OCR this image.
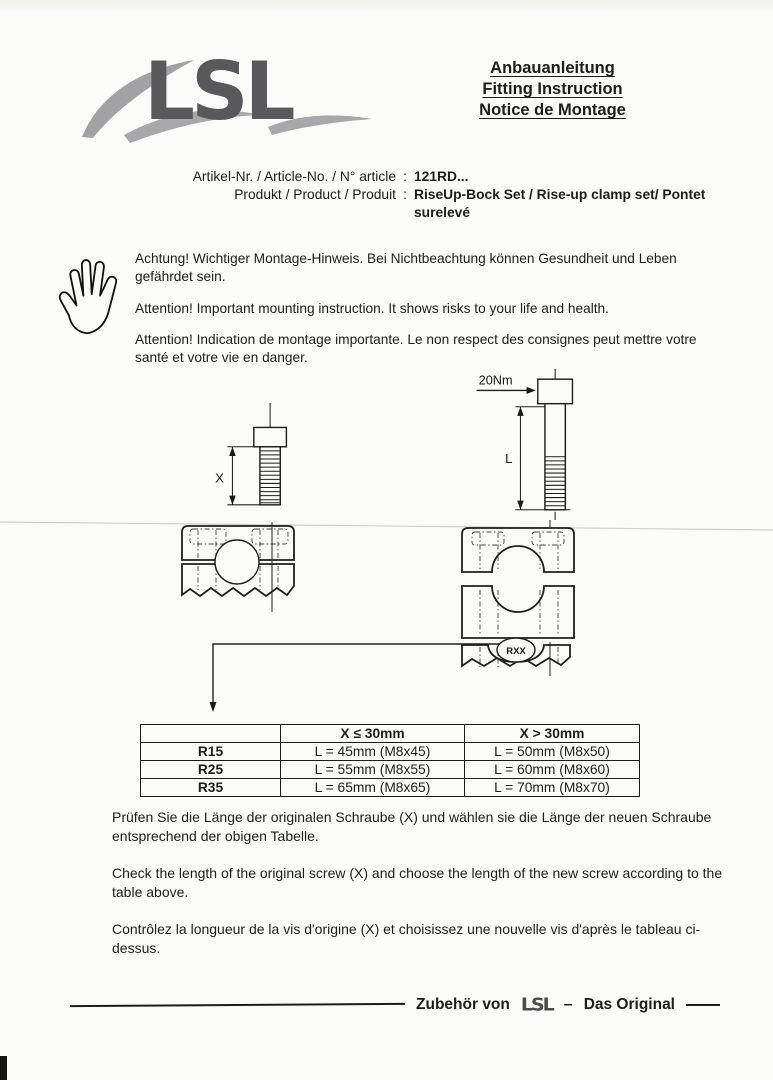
LSL	Anbauanleitung
Fitting Instruction
Notice de Montage
Artikel-Nr. / Article-No. / N° article : 121RD...
Produkt / Product / Produit : RiseUp-Bock Set / Rise-up clamp set/ Pontet surelevé

Achtung! Wichtiger Montage-Hinweis. Bei Nichtbeachtung können Gesundheit und Leben gefährdet sein.

Attention! Important mounting instruction. It shows risks to your life and health.

Attention! Indication de montage importante. Le non respect des consignes peut mettre votre santé et votre vie en danger.

X
20Nm
L
RXX
	X ≤ 30mm	X > 30mm
R15	L = 45mm (M8x45)	L = 50mm (M8x50)
R25	L = 55mm (M8x55)	L = 60mm (M8x60)
R35	L = 65mm (M8x65)	L = 70mm (M8x70)

Prüfen Sie die Länge der originalen Schraube (X) und wählen sie die Länge der neuen Schraube entsprechend der obigen Tabelle.

Check the length of the original screw (X) and choose the length of the new screw according to the table above.

Contrôlez la longueur de la vis d'origine (X) et choisissez une nouvelle vis d'après le tableau ci-dessus.

Zubehör von LSL – Das Original
